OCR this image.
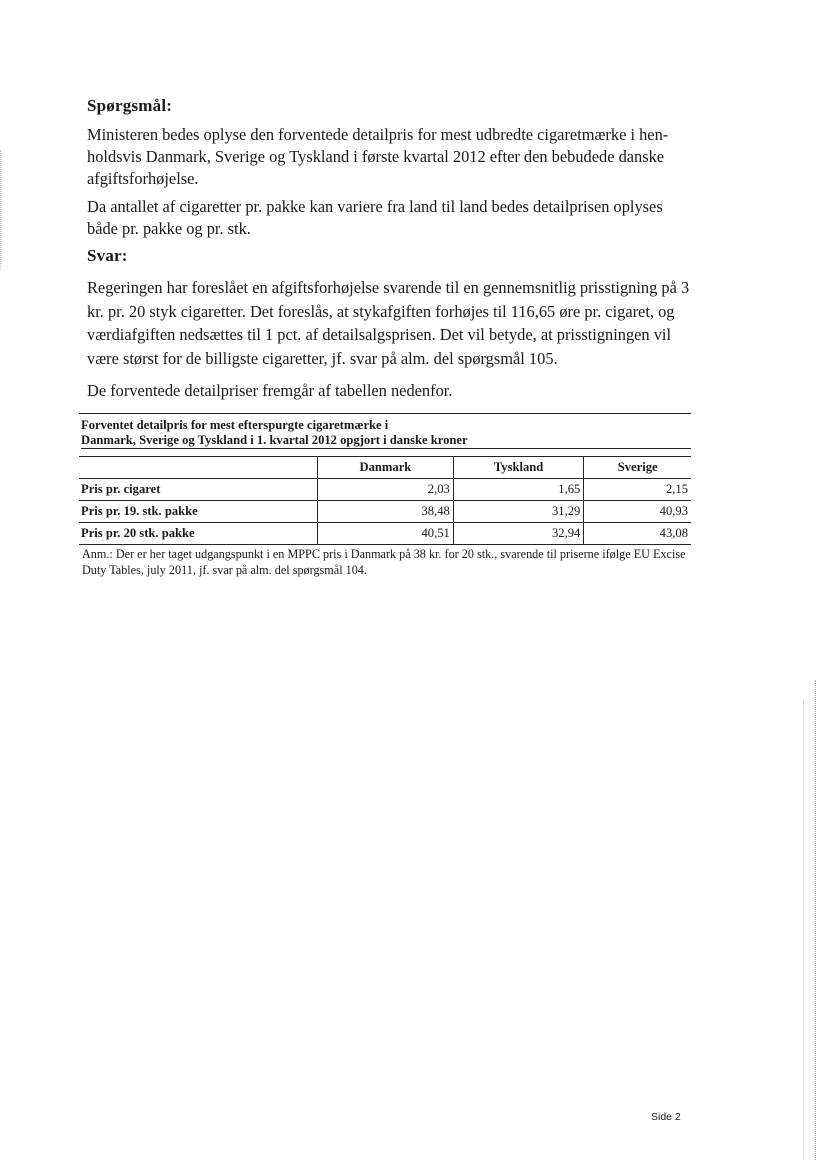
Spørgsmål:

Ministeren bedes oplyse den forventede detailpris for mest udbredte cigaretmærke i hen-holdsvis Danmark, Sverige og Tyskland i første kvartal 2012 efter den bebudede danske afgiftsforhøjelse.

Da antallet af cigaretter pr. pakke kan variere fra land til land bedes detailprisen oplyses både pr. pakke og pr. stk.

Svar:

Regeringen har foreslået en afgiftsforhøjelse svarende til en gennemsnitlig prisstigning på 3 kr. pr. 20 styk cigaretter. Det foreslås, at stykafgiften forhøjes til 116,65 øre pr. cigaret, og værdiafgiften nedsættes til 1 pct. af detailsalgsprisen. Det vil betyde, at prisstigningen vil være størst for de billigste cigaretter, jf. svar på alm. del spørgsmål 105.

De forventede detailpriser fremgår af tabellen nedenfor.

Forventet detailpris for mest efterspurgte cigaretmærke i

Danmark, Sverige og Tyskland i 1. kvartal 2012 opgjort i danske kroner
	Danmark	Tyskland	Sverige
Pris pr. cigaret	2,03	1,65	2,15
Pris pr. 19. stk. pakke	38,48	31,29	40,93
Pris pr. 20 stk. pakke	40,51	32,94	43,08
Anm.: Der er her taget udgangspunkt i en MPPC pris i Danmark på 38 kr. for 20 stk., svarende til priserne ifølge EU Excise Duty Tables, july 2011, jf. svar på alm. del spørgsmål 104.
Side 2
